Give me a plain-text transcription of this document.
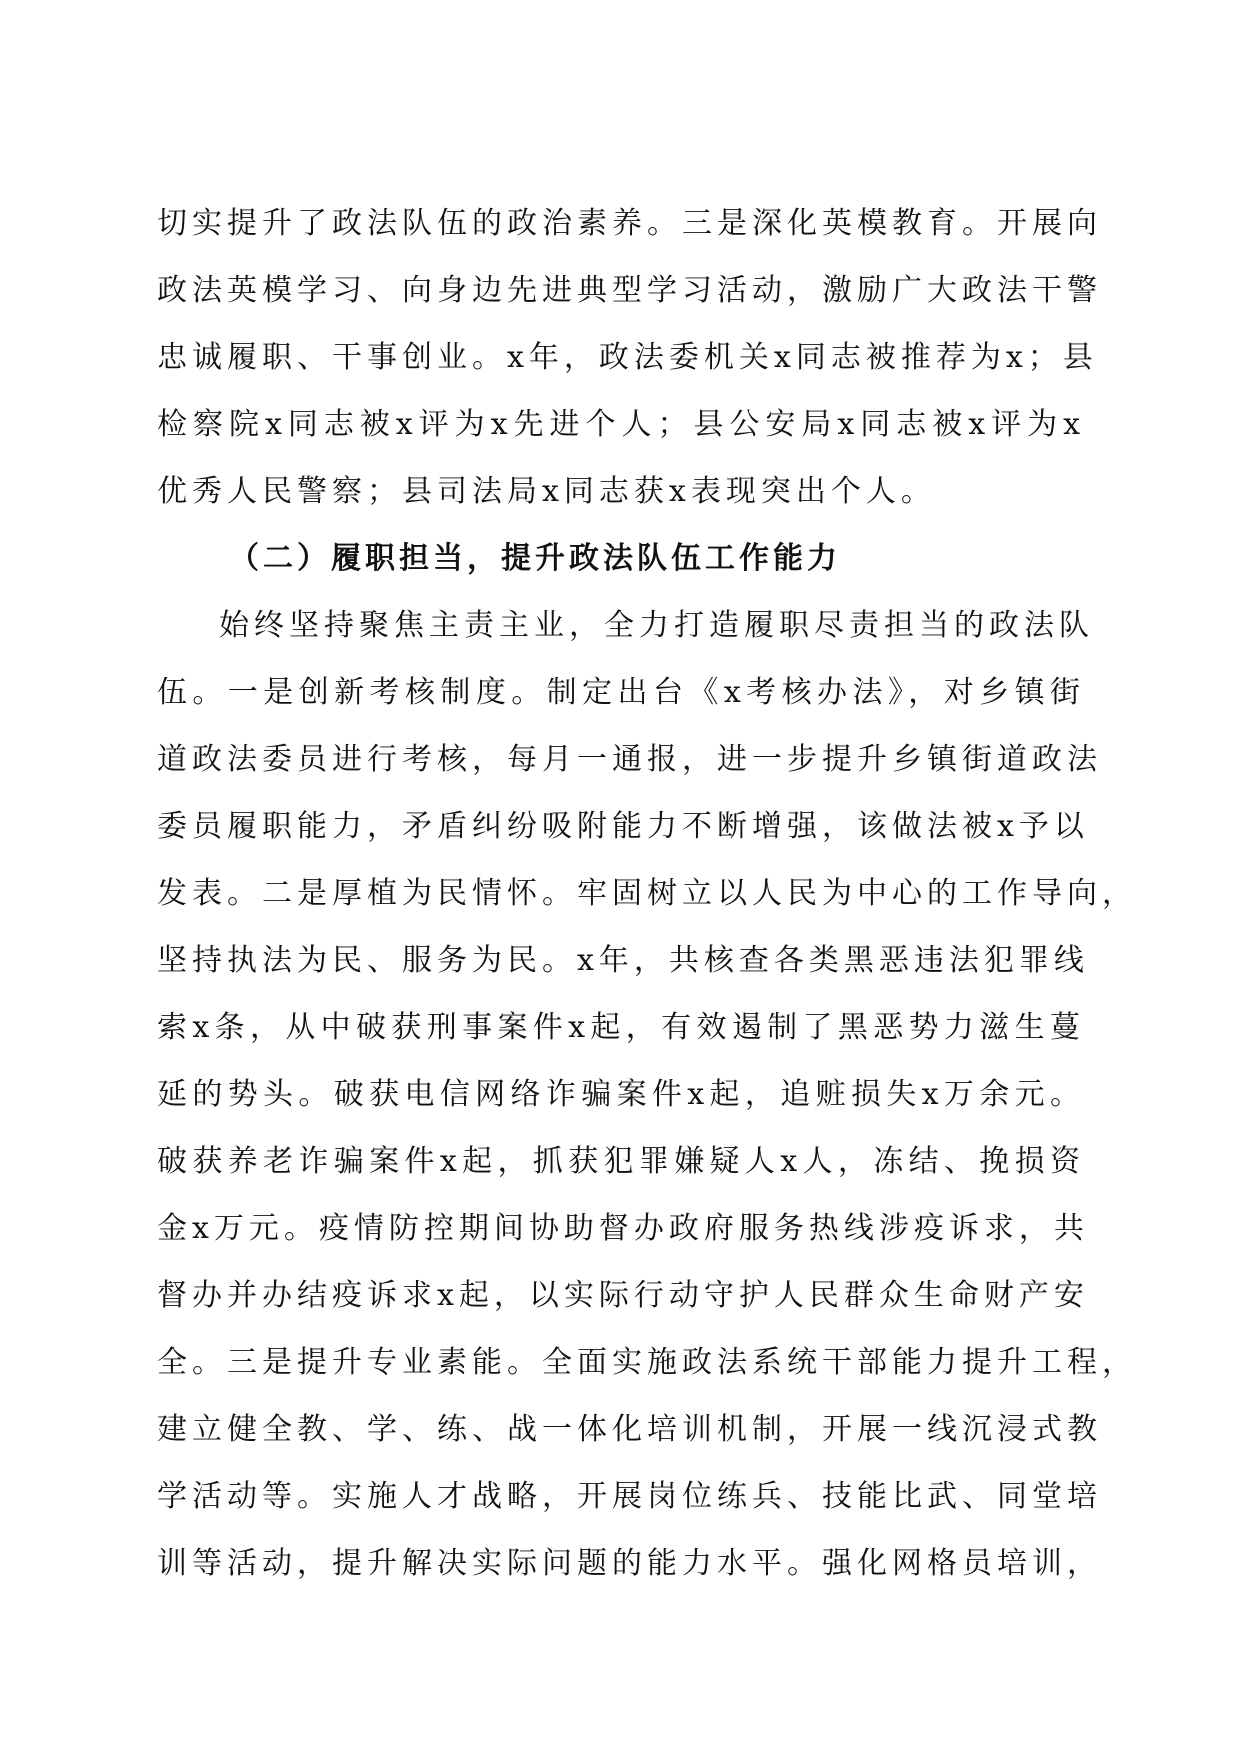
切实提升了政法队伍的政治素养。三是深化英模教育。开展向
政法英模学习、向身边先进典型学习活动，激励广大政法干警
忠诚履职、干事创业。x年，政法委机关x同志被推荐为x；县
检察院x同志被x评为x先进个人；县公安局x同志被x评为x
优秀人民警察；县司法局x同志获x表现突出个人。
（二）履职担当，提升政法队伍工作能力
始终坚持聚焦主责主业，全力打造履职尽责担当的政法队
伍。一是创新考核制度。制定出台《x考核办法》，对乡镇街
道政法委员进行考核，每月一通报，进一步提升乡镇街道政法
委员履职能力，矛盾纠纷吸附能力不断增强，该做法被x予以
发表。二是厚植为民情怀。牢固树立以人民为中心的工作导向，
坚持执法为民、服务为民。x年，共核查各类黑恶违法犯罪线
索x条，从中破获刑事案件x起，有效遏制了黑恶势力滋生蔓
延的势头。破获电信网络诈骗案件x起，追赃损失x万余元。
破获养老诈骗案件x起，抓获犯罪嫌疑人x人，冻结、挽损资
金x万元。疫情防控期间协助督办政府服务热线涉疫诉求，共
督办并办结疫诉求x起，以实际行动守护人民群众生命财产安
全。三是提升专业素能。全面实施政法系统干部能力提升工程，
建立健全教、学、练、战一体化培训机制，开展一线沉浸式教
学活动等。实施人才战略，开展岗位练兵、技能比武、同堂培
训等活动，提升解决实际问题的能力水平。强化网格员培训，
